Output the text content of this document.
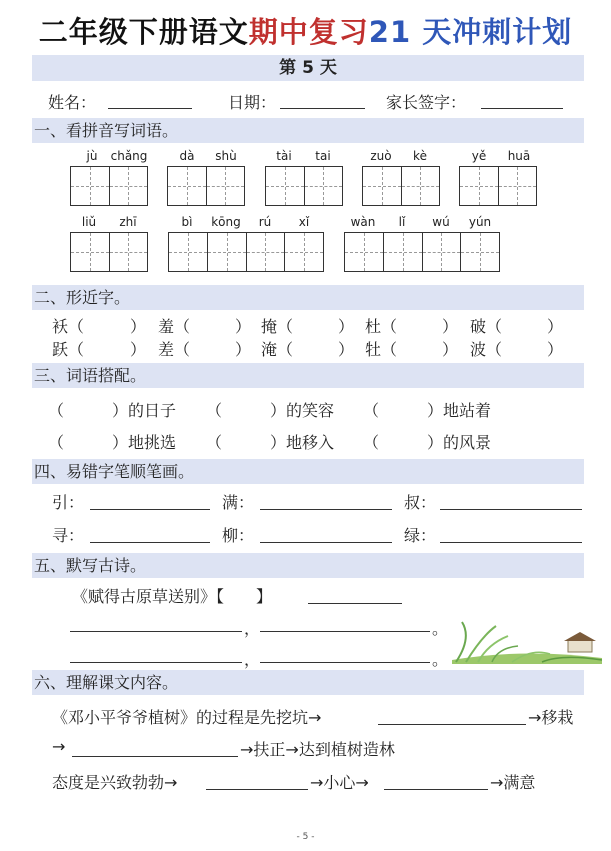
二年级下册语文期中复习21 天冲刺计划
第 5 天
姓名：	日期：	家长签字：
一、看拼音写词语。
jù	chǎng	dà	shù	tài	tai	zuò	kè	yě	huā
liǔ	zhī	bì	kōng	rú	xǐ	wàn	lǐ	wú	yún
二、形近字。
袄（	） 羞（	） 掩（	） 杜（	） 破（	）
跃（	） 差（	） 淹（	） 牡（	） 波（	）
三、词语搭配。
（　　　）的日子 （　　　）的笑容 （　　　）地站着
（　　　）地挑选 （　　　）地移入 （　　　）的风景
四、易错字笔顺笔画。
引：	满：	叔：
寻：	柳：	绿：
五、默写古诗。
《赋得古原草送别》【　　】
，	。
，	。
六、理解课文内容。
《邓小平爷爷植树》的过程是先挖坑→	→移栽
→	→扶正→达到植树造林
态度是兴致勃勃→	→小心→	→满意
- 5 -
